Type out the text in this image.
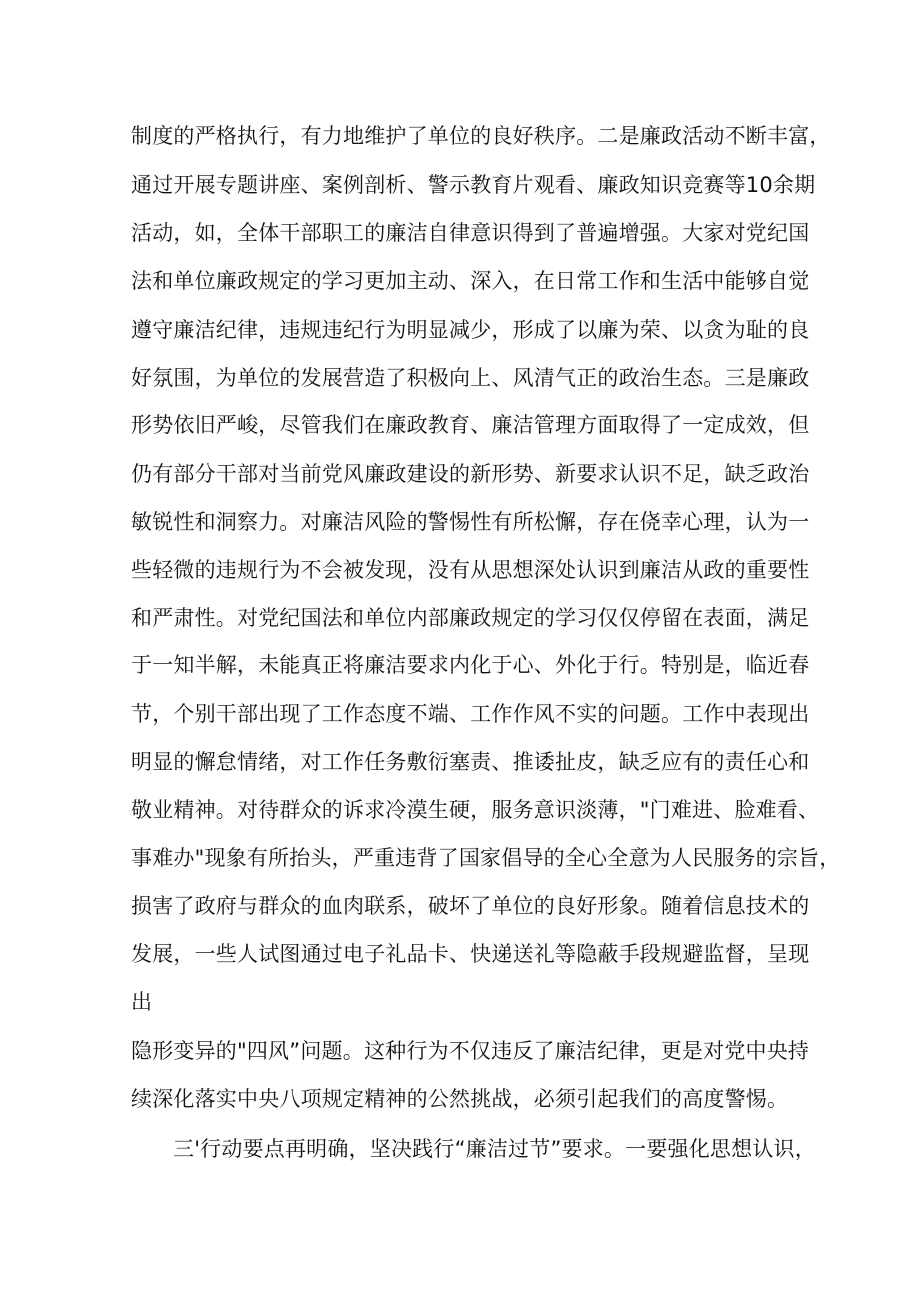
制度的严格执行，有力地维护了单位的良好秩序。二是廉政活动不断丰富，
通过开展专题讲座、案例剖析、警示教育片观看、廉政知识竞赛等10余期
活动，如，全体干部职工的廉洁自律意识得到了普遍增强。大家对党纪国
法和单位廉政规定的学习更加主动、深入，在日常工作和生活中能够自觉
遵守廉洁纪律，违规违纪行为明显减少，形成了以廉为荣、以贪为耻的良
好氛围，为单位的发展营造了积极向上、风清气正的政治生态。三是廉政
形势依旧严峻，尽管我们在廉政教育、廉洁管理方面取得了一定成效，但
仍有部分干部对当前党风廉政建设的新形势、新要求认识不足，缺乏政治
敏锐性和洞察力。对廉洁风险的警惕性有所松懈，存在侥幸心理，认为一
些轻微的违规行为不会被发现，没有从思想深处认识到廉洁从政的重要性
和严肃性。对党纪国法和单位内部廉政规定的学习仅仅停留在表面，满足
于一知半解，未能真正将廉洁要求内化于心、外化于行。特别是，临近春
节，个别干部出现了工作态度不端、工作作风不实的问题。工作中表现出
明显的懈怠情绪，对工作任务敷衍塞责、推诿扯皮，缺乏应有的责任心和
敬业精神。对待群众的诉求冷漠生硬，服务意识淡薄，"门难进、脸难看、
事难办"现象有所抬头，严重违背了国家倡导的全心全意为人民服务的宗旨，
损害了政府与群众的血肉联系，破坏了单位的良好形象。随着信息技术的
发展，一些人试图通过电子礼品卡、快递送礼等隐蔽手段规避监督，呈现
出
隐形变异的"四风”问题。这种行为不仅违反了廉洁纪律，更是对党中央持
续深化落实中央八项规定精神的公然挑战，必须引起我们的高度警惕。
三'行动要点再明确，坚决践行“廉洁过节”要求。一要强化思想认识，
